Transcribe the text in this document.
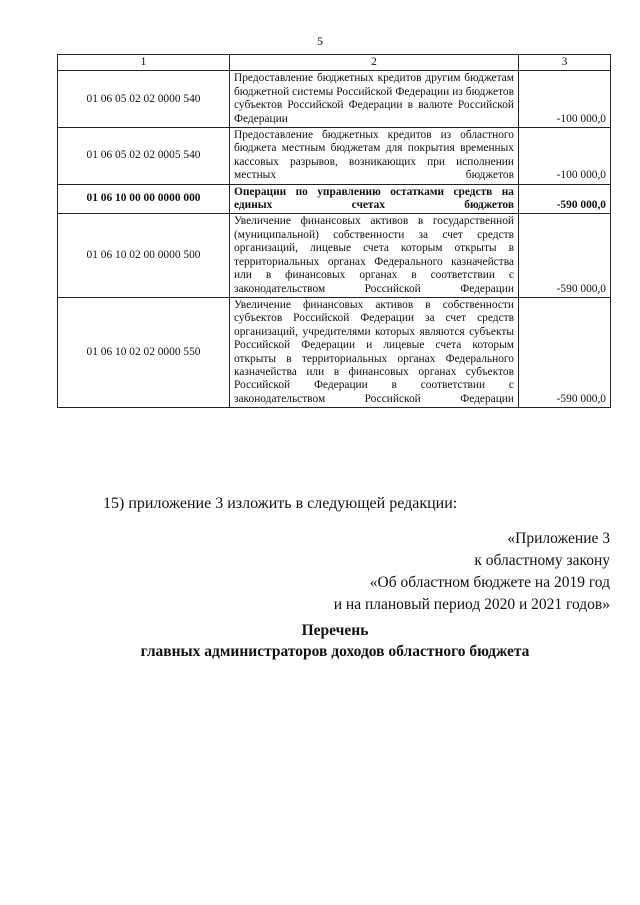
5
1	2	3
01 06 05 02 02 0000 540	Предоставление бюджетных кредитов другим бюджетам бюджетной системы Российской Федерации из бюджетов субъектов Российской Федерации в валюте Российской Федерации	-100 000,0
01 06 05 02 02 0005 540	Предоставление бюджетных кредитов из областного бюджета местным бюджетам для покрытия временных кассовых разрывов, возникающих при исполнении местных бюджетов	-100 000,0
01 06 10 00 00 0000 000	Операции по управлению остатками средств на единых счетах бюджетов	-590 000,0
01 06 10 02 00 0000 500	Увеличение финансовых активов в государственной (муниципальной) собственности за счет средств организаций, лицевые счета которым открыты в территориальных органах Федерального казначейства или в финансовых органах в соответствии с законодательством Российской Федерации	-590 000,0
01 06 10 02 02 0000 550	Увеличение финансовых активов в собственности субъектов Российской Федерации за счет средств организаций, учредителями которых являются субъекты Российской Федерации и лицевые счета которым открыты в территориальных органах Федерального казначейства или в финансовых органах субъектов Российской Федерации в соответствии с законодательством Российской Федерации	-590 000,0
15) приложение 3 изложить в следующей редакции:
«Приложение 3
к областному закону
«Об областном бюджете на 2019 год
и на плановый период 2020 и 2021 годов»
Перечень
главных администраторов доходов областного бюджета
